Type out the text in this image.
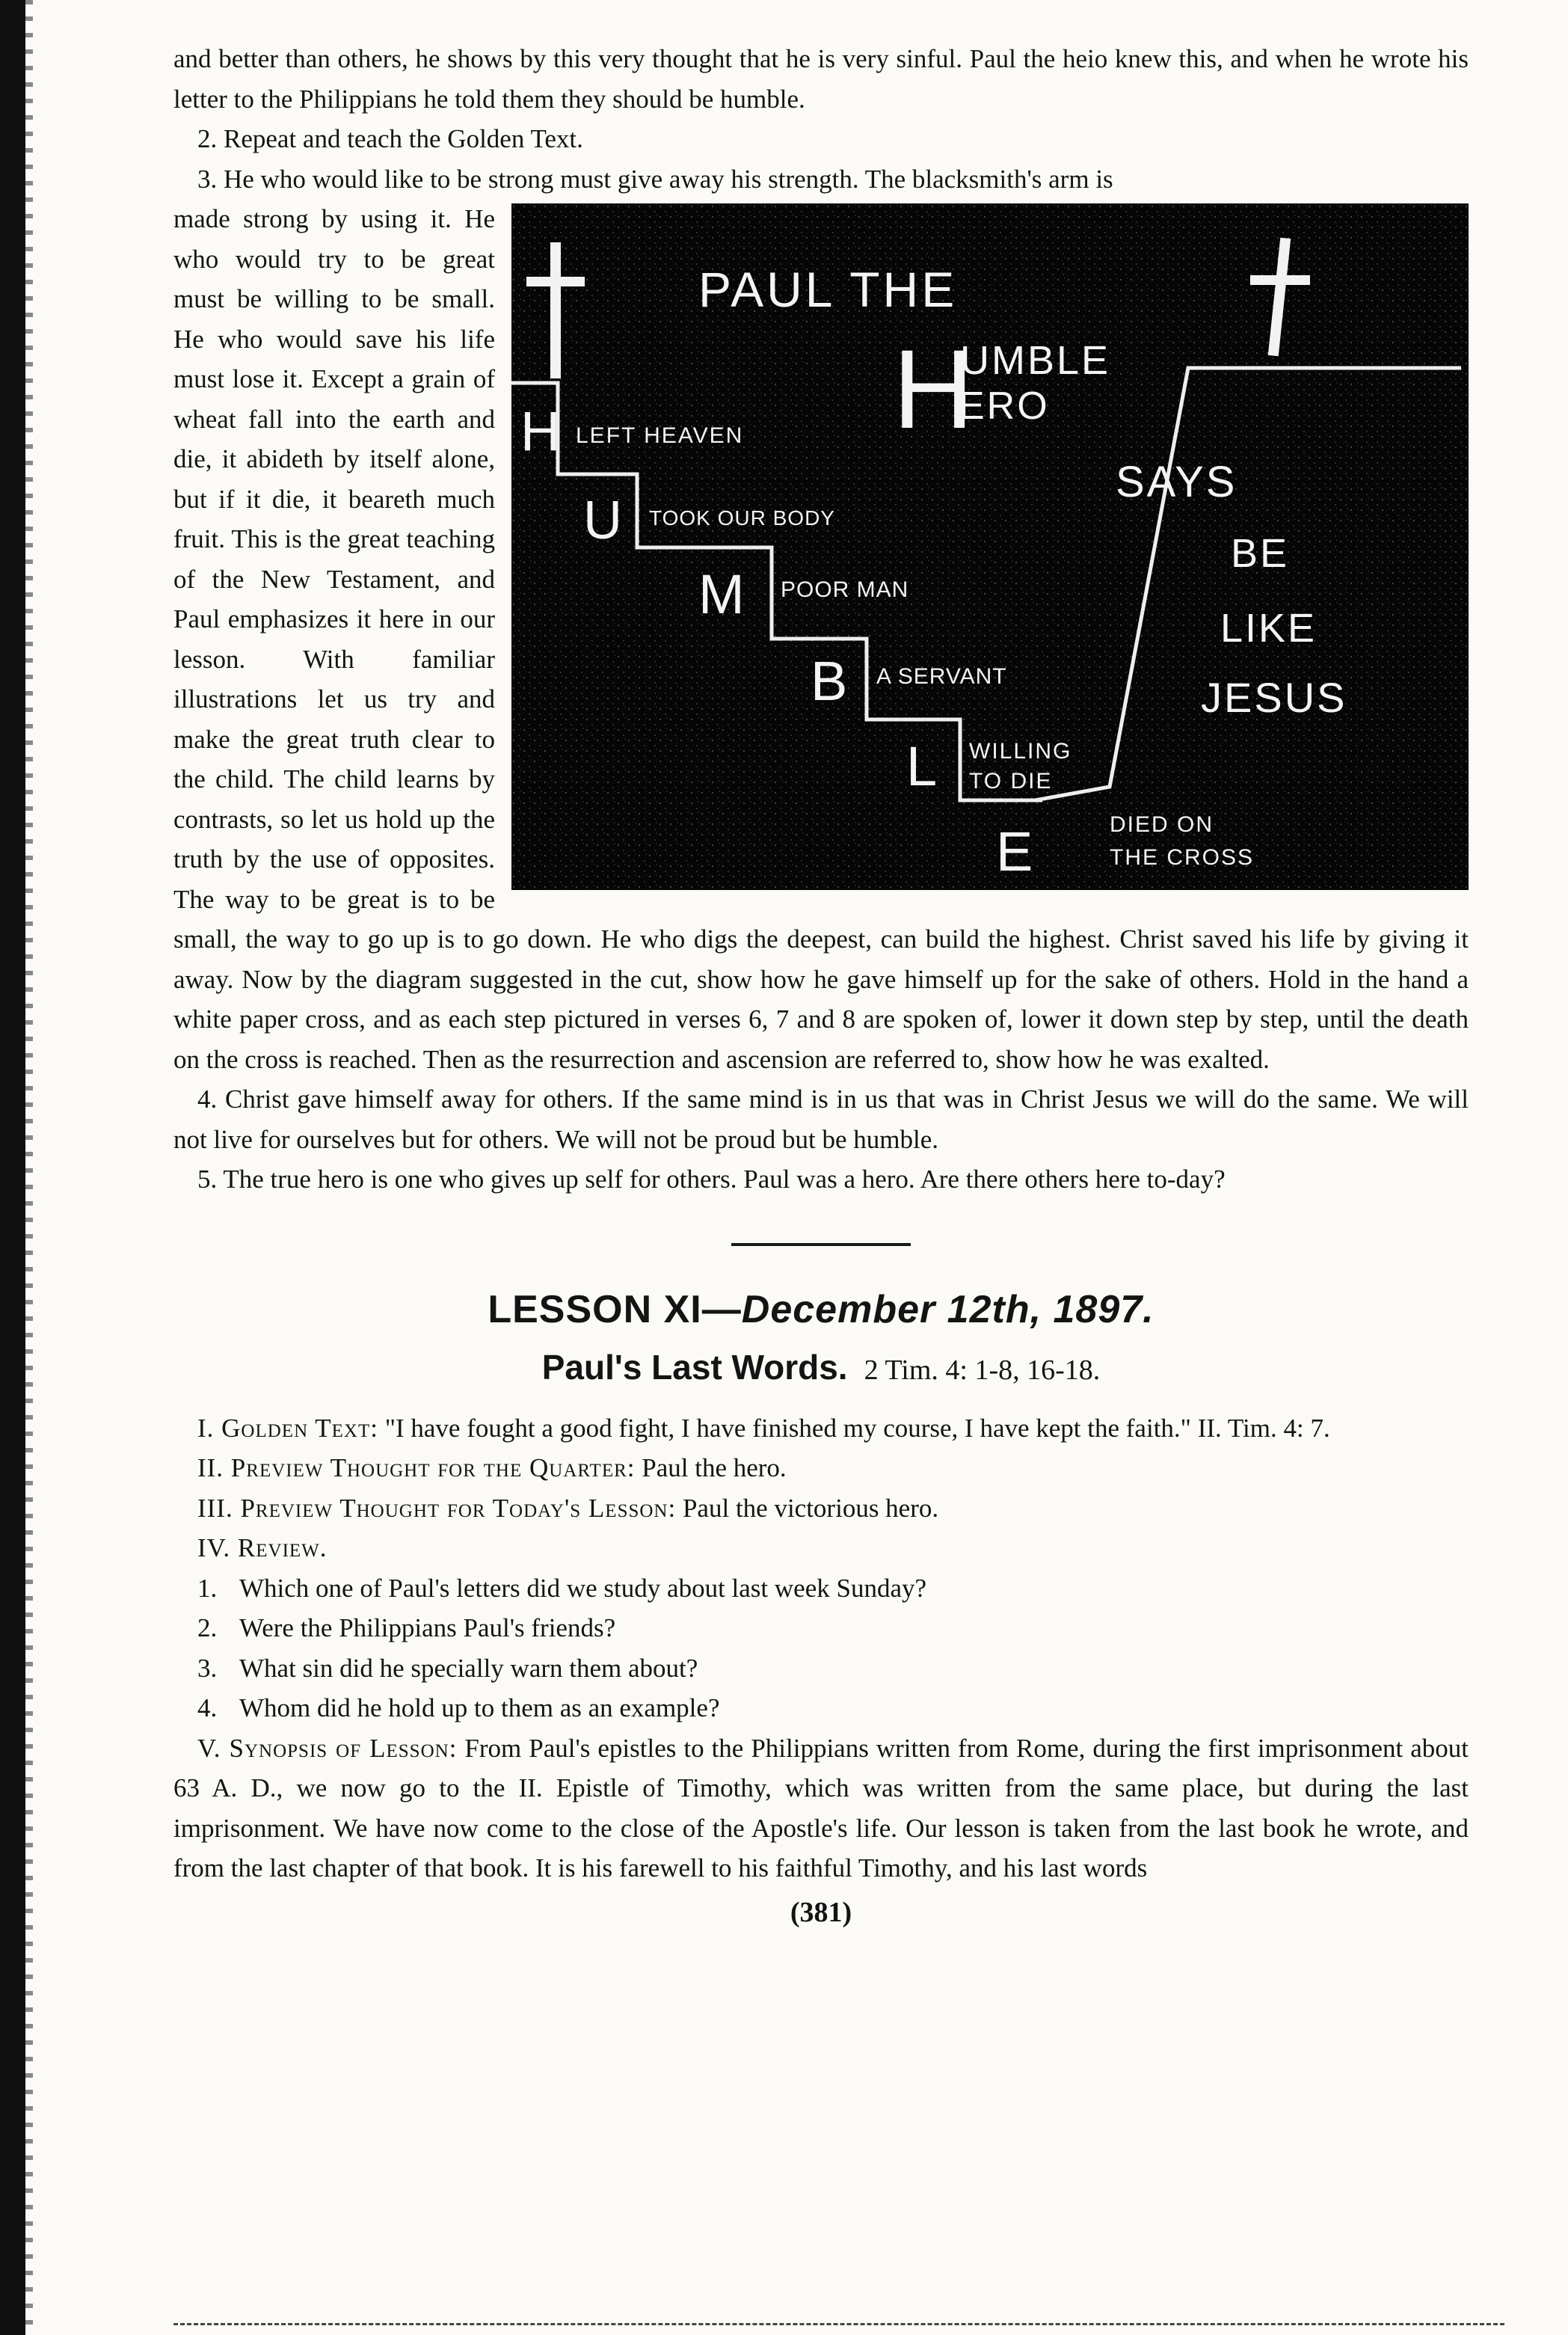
and better than others, he shows by this very thought that he is very sinful. Paul the heio knew this, and when he wrote his letter to the Philippians he told them they should be humble.

2. Repeat and teach the Golden Text.

3. He who would like to be strong must give away his strength. The blacksmith's arm is

PAUL THE
H
UMBLE
ERO
SAYS
BE
LIKE
JESUS
H LEFT HEAVEN
U TOOK OUR BODY
M POOR MAN
B A SERVANT
L WILLING
TO DIE
E	DIED ON
THE CROSS

made strong by using it. He who would try to be great must be willing to be small. He who would save his life must lose it. Except a grain of wheat fall into the earth and die, it abideth by itself alone, but if it die, it beareth much fruit. This is the great teaching of the New Testament, and Paul emphasizes it here in our lesson. With familiar illustrations let us try and make the great truth clear to the child. The child learns by contrasts, so let us hold up the truth by the use of opposites. The way to be great is to be small, the way to go up is to go down. He who digs the deepest, can build the highest. Christ saved his life by giving it away. Now by the diagram suggested in the cut, show how he gave himself up for the sake of others. Hold in the hand a white paper cross, and as each step pictured in verses 6, 7 and 8 are spoken of, lower it down step by step, until the death on the cross is reached. Then as the resurrection and ascension are referred to, show how he was exalted.

4. Christ gave himself away for others. If the same mind is in us that was in Christ Jesus we will do the same. We will not live for ourselves but for others. We will not be proud but be humble.

5. The true hero is one who gives up self for others. Paul was a hero. Are there others here to-day?

LESSON XI—December 12th, 1897.
Paul's Last Words. 2 Tim. 4: 1-8, 16-18.

I. Golden Text: "I have fought a good fight, I have finished my course, I have kept the faith." II. Tim. 4: 7.

II. Preview Thought for the Quarter: Paul the hero.

III. Preview Thought for Today's Lesson: Paul the victorious hero.

IV. Review.

1. Which one of Paul's letters did we study about last week Sunday?

2. Were the Philippians Paul's friends?

3. What sin did he specially warn them about?

4. Whom did he hold up to them as an example?

V. Synopsis of Lesson: From Paul's epistles to the Philippians written from Rome, during the first imprisonment about 63 A. D., we now go to the II. Epistle of Timothy, which was written from the same place, but during the last imprisonment. We have now come to the close of the Apostle's life. Our lesson is taken from the last book he wrote, and from the last chapter of that book. It is his farewell to his faithful Timothy, and his last words

(381)
